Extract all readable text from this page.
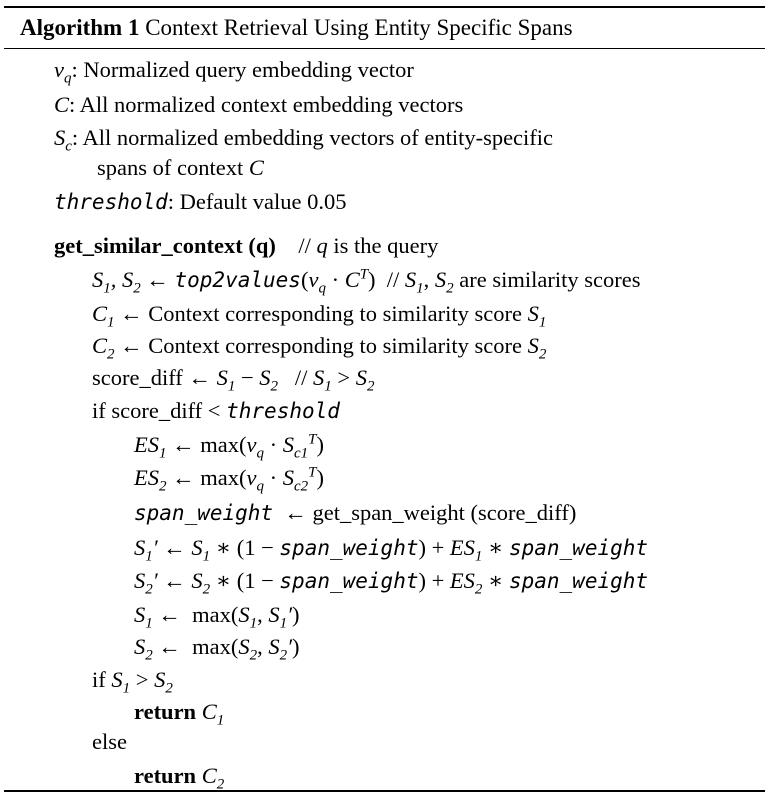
Algorithm 1 Context Retrieval Using Entity Specific Spans
$v_q$: Normalized query embedding vector
C: All normalized context embedding vectors
$S_c$: All normalized embedding vectors of entity-specific
spans of context C
threshold: Default value 0.05
get_similar_context (q) // q is the query
$S_1$, $S_2$ ← $top2values(v_q \cdot C^T) // S_1$, $S_2$ are similarity scores
$C_1$ ← Context corresponding to similarity score $S_1$
$C_2$ ← Context corresponding to similarity score $S_2$
score_diff ← $S_1 - S_2 // S_1 > S_2$
if score_diff < threshold
$ES_1$ ← $\max(v_q \cdot S_{c1}^T)$
$ES_2$ ← $\max(v_q \cdot S_{c2}^T)$
span_weight  ← get_span_weight (score_diff)
$S_1'$ ← $S_1$ ∗ (1 − span_weight) + $ES_1$ ∗ span_weight
$S_2'$ ← $S_2$ ∗ (1 − span_weight) + $ES_2$ ∗ span_weight
$S_1$ ←  $\max(S_1$, $S_1'$)
$S_2$ ←  $\max(S_2$, $S_2'$)
if $S_1 > S_2$
return $C_1$
else
return $C_2$
